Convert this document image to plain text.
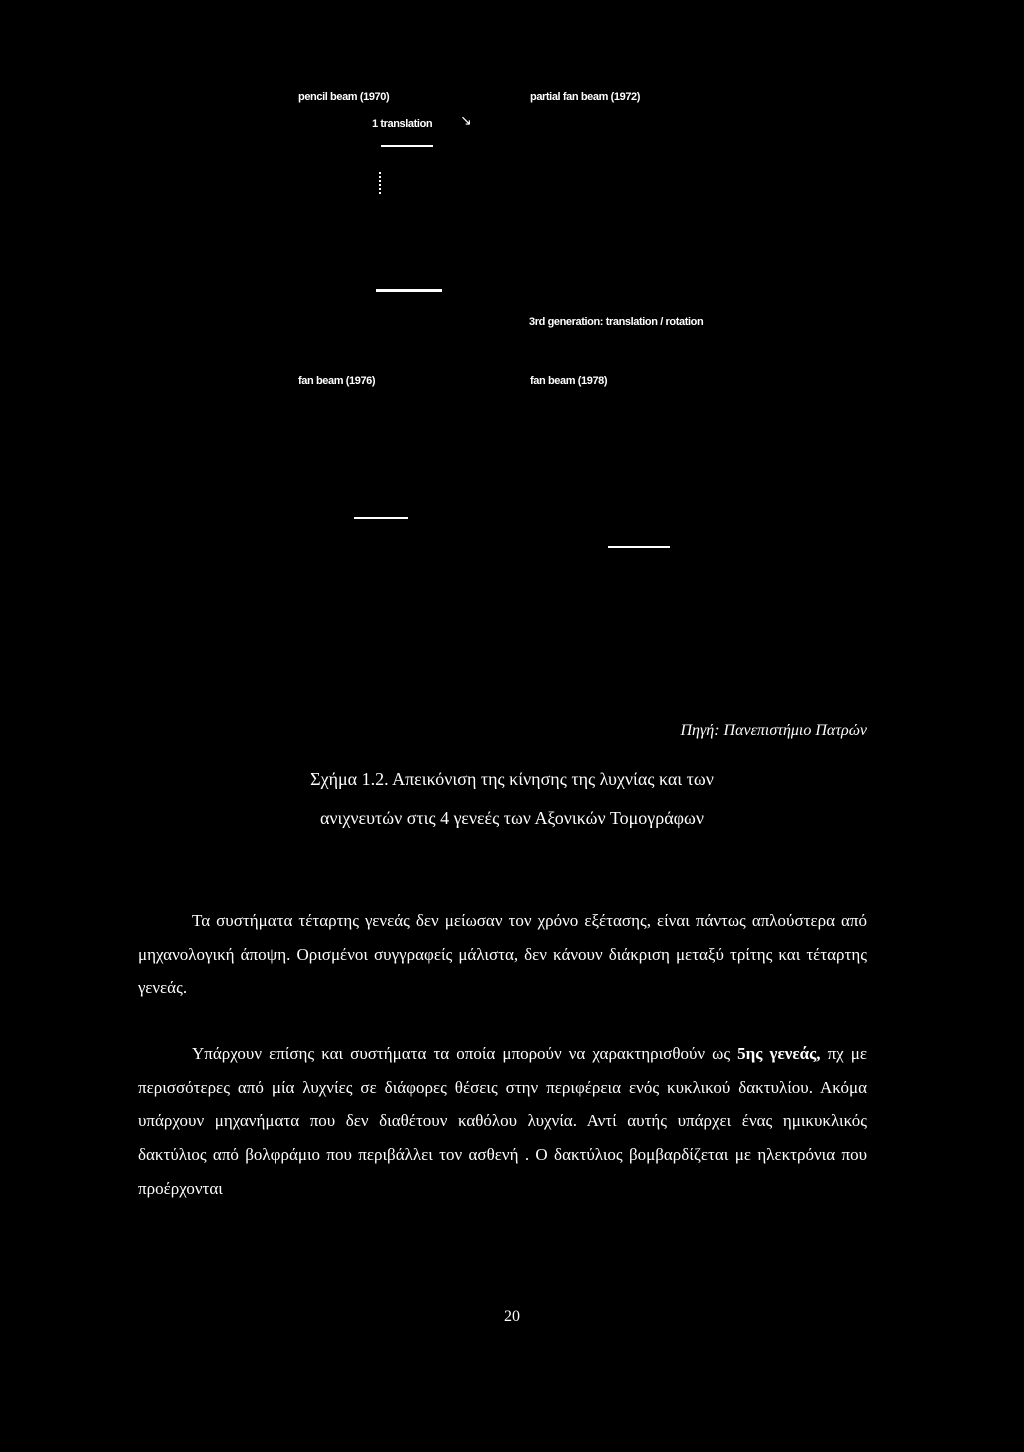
pencil beam (1970)	partial fan beam (1972)
1 translation ↘
3rd generation: translation / rotation
fan beam (1976)	fan beam (1978)
Πηγή: Πανεπιστήμιο Πατρών
Σχήμα 1.2. Απεικόνιση της κίνησης της λυχνίας και των
ανιχνευτών στις 4 γενεές των Αξονικών Τομογράφων
Τα συστήματα τέταρτης γενεάς δεν μείωσαν τον χρόνο εξέτασης, είναι πάντως απλούστερα από μηχανολογική άποψη. Ορισμένοι συγγραφείς μάλιστα, δεν κάνουν διάκριση μεταξύ τρίτης και τέταρτης γενεάς.
Υπάρχουν επίσης και συστήματα τα οποία μπορούν να χαρακτηρισθούν ως 5ης γενεάς, πχ με περισσότερες από μία λυχνίες σε διάφορες θέσεις στην περιφέρεια ενός κυκλικού δακτυλίου. Ακόμα υπάρχουν μηχανήματα που δεν διαθέτουν καθόλου λυχνία. Αντί αυτής υπάρχει ένας ημικυκλικός δακτύλιος από βολφράμιο που περιβάλλει τον ασθενή . Ο δακτύλιος βομβαρδίζεται με ηλεκτρόνια που προέρχονται
20
